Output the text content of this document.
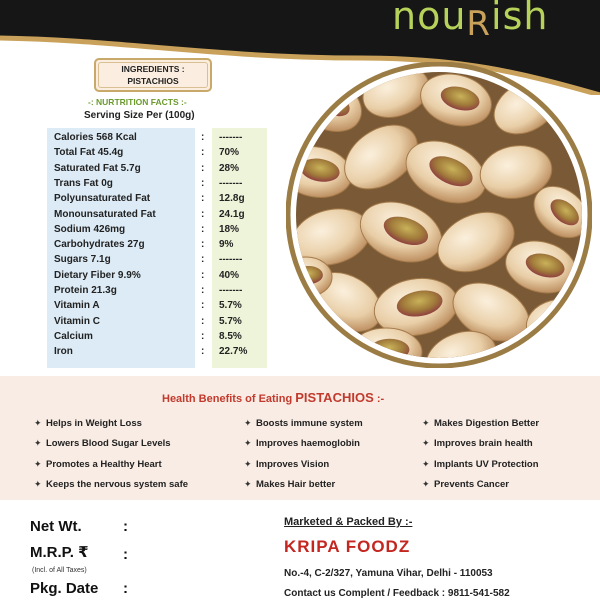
nouRish
INGREDIENTS :
PISTACHIOS
-: NURTRITION FACTS :-
Serving Size Per (100g)
Calories 568 Kcal	: -------
Total Fat 45.4g	: 70%
Saturated Fat 5.7g	: 28%
Trans Fat 0g	: -------
Polyunsaturated Fat	: 12.8g
Monounsaturated Fat	: 24.1g
Sodium 426mg	: 18%
Carbohydrates 27g	: 9%
Sugars 7.1g	: -------
Dietary Fiber 9.9%	: 40%
Protein 21.3g	: -------
Vitamin A	: 5.7%
Vitamin C	: 5.7%
Calcium	: 8.5%
Iron	: 22.7%
Health Benefits of Eating PISTACHIOS :-
✦ Helps in Weight Loss
✦ Lowers Blood Sugar Levels
✦ Promotes a Healthy Heart
✦ Keeps the nervous system safe
✦ Boosts immune system
✦ Improves haemoglobin
✦ Improves Vision
✦ Makes Hair better
✦ Makes Digestion Better
✦ Improves brain health
✦ Implants UV Protection
✦ Prevents Cancer
Net Wt.	:
M.R.P. ₹ :
(Incl. of All Taxes)
Pkg. Date :
Marketed & Packed By :-
KRIPA FOODZ
No.-4, C-2/327, Yamuna Vihar, Delhi - 110053
Contact us Complent / Feedback : 9811-541-582
